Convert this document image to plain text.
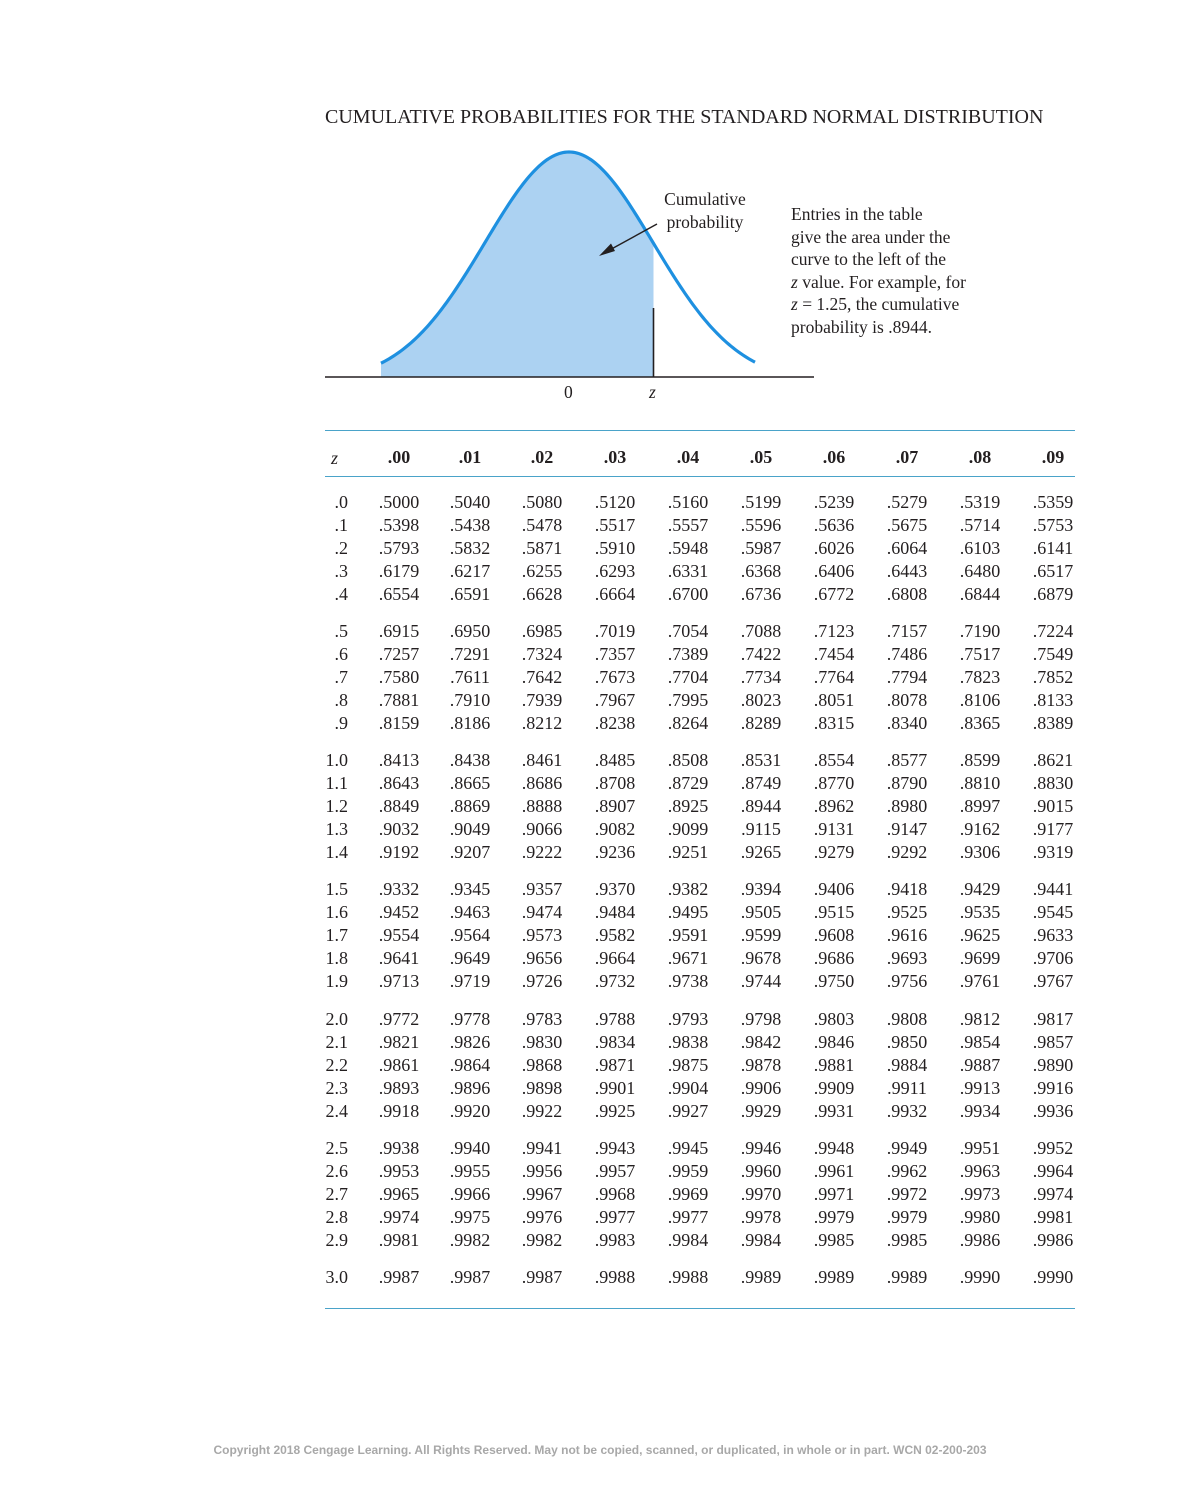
CUMULATIVE PROBABILITIES FOR THE STANDARD NORMAL DISTRIBUTION
Cumulative
probability
0	z
Entries in the table
give the area under the
curve to the left of the
z value. For example, for
z = 1.25, the cumulative
probability is .8944.
z	.00	.01	.02	.03	.04	.05	.06	.07	.08	.09
.0	.5000	.5040	.5080	.5120	.5160	.5199	.5239	.5279	.5319	.5359
.1	.5398	.5438	.5478	.5517	.5557	.5596	.5636	.5675	.5714	.5753
.2	.5793	.5832	.5871	.5910	.5948	.5987	.6026	.6064	.6103	.6141
.3	.6179	.6217	.6255	.6293	.6331	.6368	.6406	.6443	.6480	.6517
.4	.6554	.6591	.6628	.6664	.6700	.6736	.6772	.6808	.6844	.6879
.5	.6915	.6950	.6985	.7019	.7054	.7088	.7123	.7157	.7190	.7224
.6	.7257	.7291	.7324	.7357	.7389	.7422	.7454	.7486	.7517	.7549
.7	.7580	.7611	.7642	.7673	.7704	.7734	.7764	.7794	.7823	.7852
.8	.7881	.7910	.7939	.7967	.7995	.8023	.8051	.8078	.8106	.8133
.9	.8159	.8186	.8212	.8238	.8264	.8289	.8315	.8340	.8365	.8389
1.0	.8413	.8438	.8461	.8485	.8508	.8531	.8554	.8577	.8599	.8621
1.1	.8643	.8665	.8686	.8708	.8729	.8749	.8770	.8790	.8810	.8830
1.2	.8849	.8869	.8888	.8907	.8925	.8944	.8962	.8980	.8997	.9015
1.3	.9032	.9049	.9066	.9082	.9099	.9115	.9131	.9147	.9162	.9177
1.4	.9192	.9207	.9222	.9236	.9251	.9265	.9279	.9292	.9306	.9319
1.5	.9332	.9345	.9357	.9370	.9382	.9394	.9406	.9418	.9429	.9441
1.6	.9452	.9463	.9474	.9484	.9495	.9505	.9515	.9525	.9535	.9545
1.7	.9554	.9564	.9573	.9582	.9591	.9599	.9608	.9616	.9625	.9633
1.8	.9641	.9649	.9656	.9664	.9671	.9678	.9686	.9693	.9699	.9706
1.9	.9713	.9719	.9726	.9732	.9738	.9744	.9750	.9756	.9761	.9767
2.0	.9772	.9778	.9783	.9788	.9793	.9798	.9803	.9808	.9812	.9817
2.1	.9821	.9826	.9830	.9834	.9838	.9842	.9846	.9850	.9854	.9857
2.2	.9861	.9864	.9868	.9871	.9875	.9878	.9881	.9884	.9887	.9890
2.3	.9893	.9896	.9898	.9901	.9904	.9906	.9909	.9911	.9913	.9916
2.4	.9918	.9920	.9922	.9925	.9927	.9929	.9931	.9932	.9934	.9936
2.5	.9938	.9940	.9941	.9943	.9945	.9946	.9948	.9949	.9951	.9952
2.6	.9953	.9955	.9956	.9957	.9959	.9960	.9961	.9962	.9963	.9964
2.7	.9965	.9966	.9967	.9968	.9969	.9970	.9971	.9972	.9973	.9974
2.8	.9974	.9975	.9976	.9977	.9977	.9978	.9979	.9979	.9980	.9981
2.9	.9981	.9982	.9982	.9983	.9984	.9984	.9985	.9985	.9986	.9986
3.0	.9987	.9987	.9987	.9988	.9988	.9989	.9989	.9989	.9990	.9990
Copyright 2018 Cengage Learning. All Rights Reserved. May not be copied, scanned, or duplicated, in whole or in part. WCN 02-200-203
